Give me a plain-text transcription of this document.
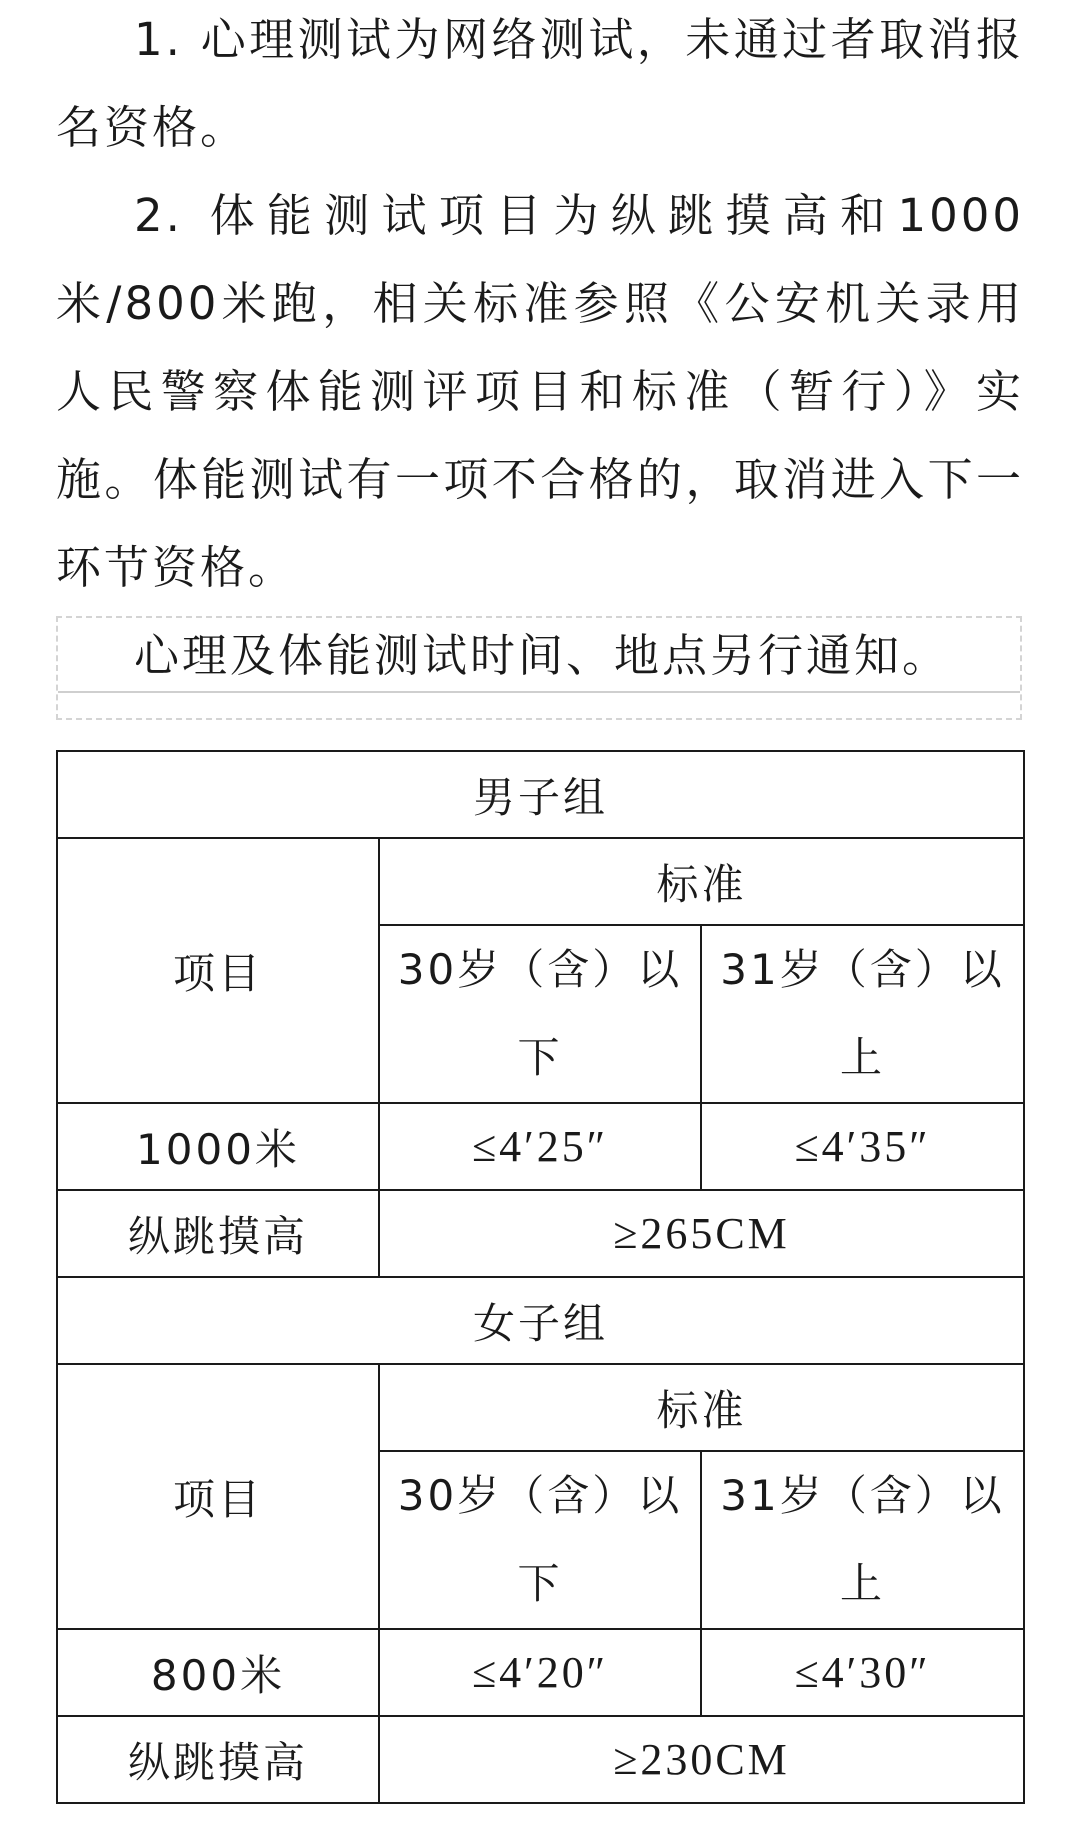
1. 心理测试为网络测试，未通过者取消报名资格。

2. 体能测试项目为纵跳摸高和1000米/800米跑，相关标准参照《公安机关录用人民警察体能测评项目和标准（暂行）》实施。体能测试有一项不合格的，取消进入下一环节资格。

心理及体能测试时间、地点另行通知。

男子组		
项目	标准	
	30岁（含）以下	31岁（含）以上
1000米	≤4′25″	≤4′35″
纵跳摸高	≥265CM	
女子组		
项目	标准	
	30岁（含）以下	31岁（含）以上
800米	≤4′20″	≤4′30″
纵跳摸高	≥230CM	
